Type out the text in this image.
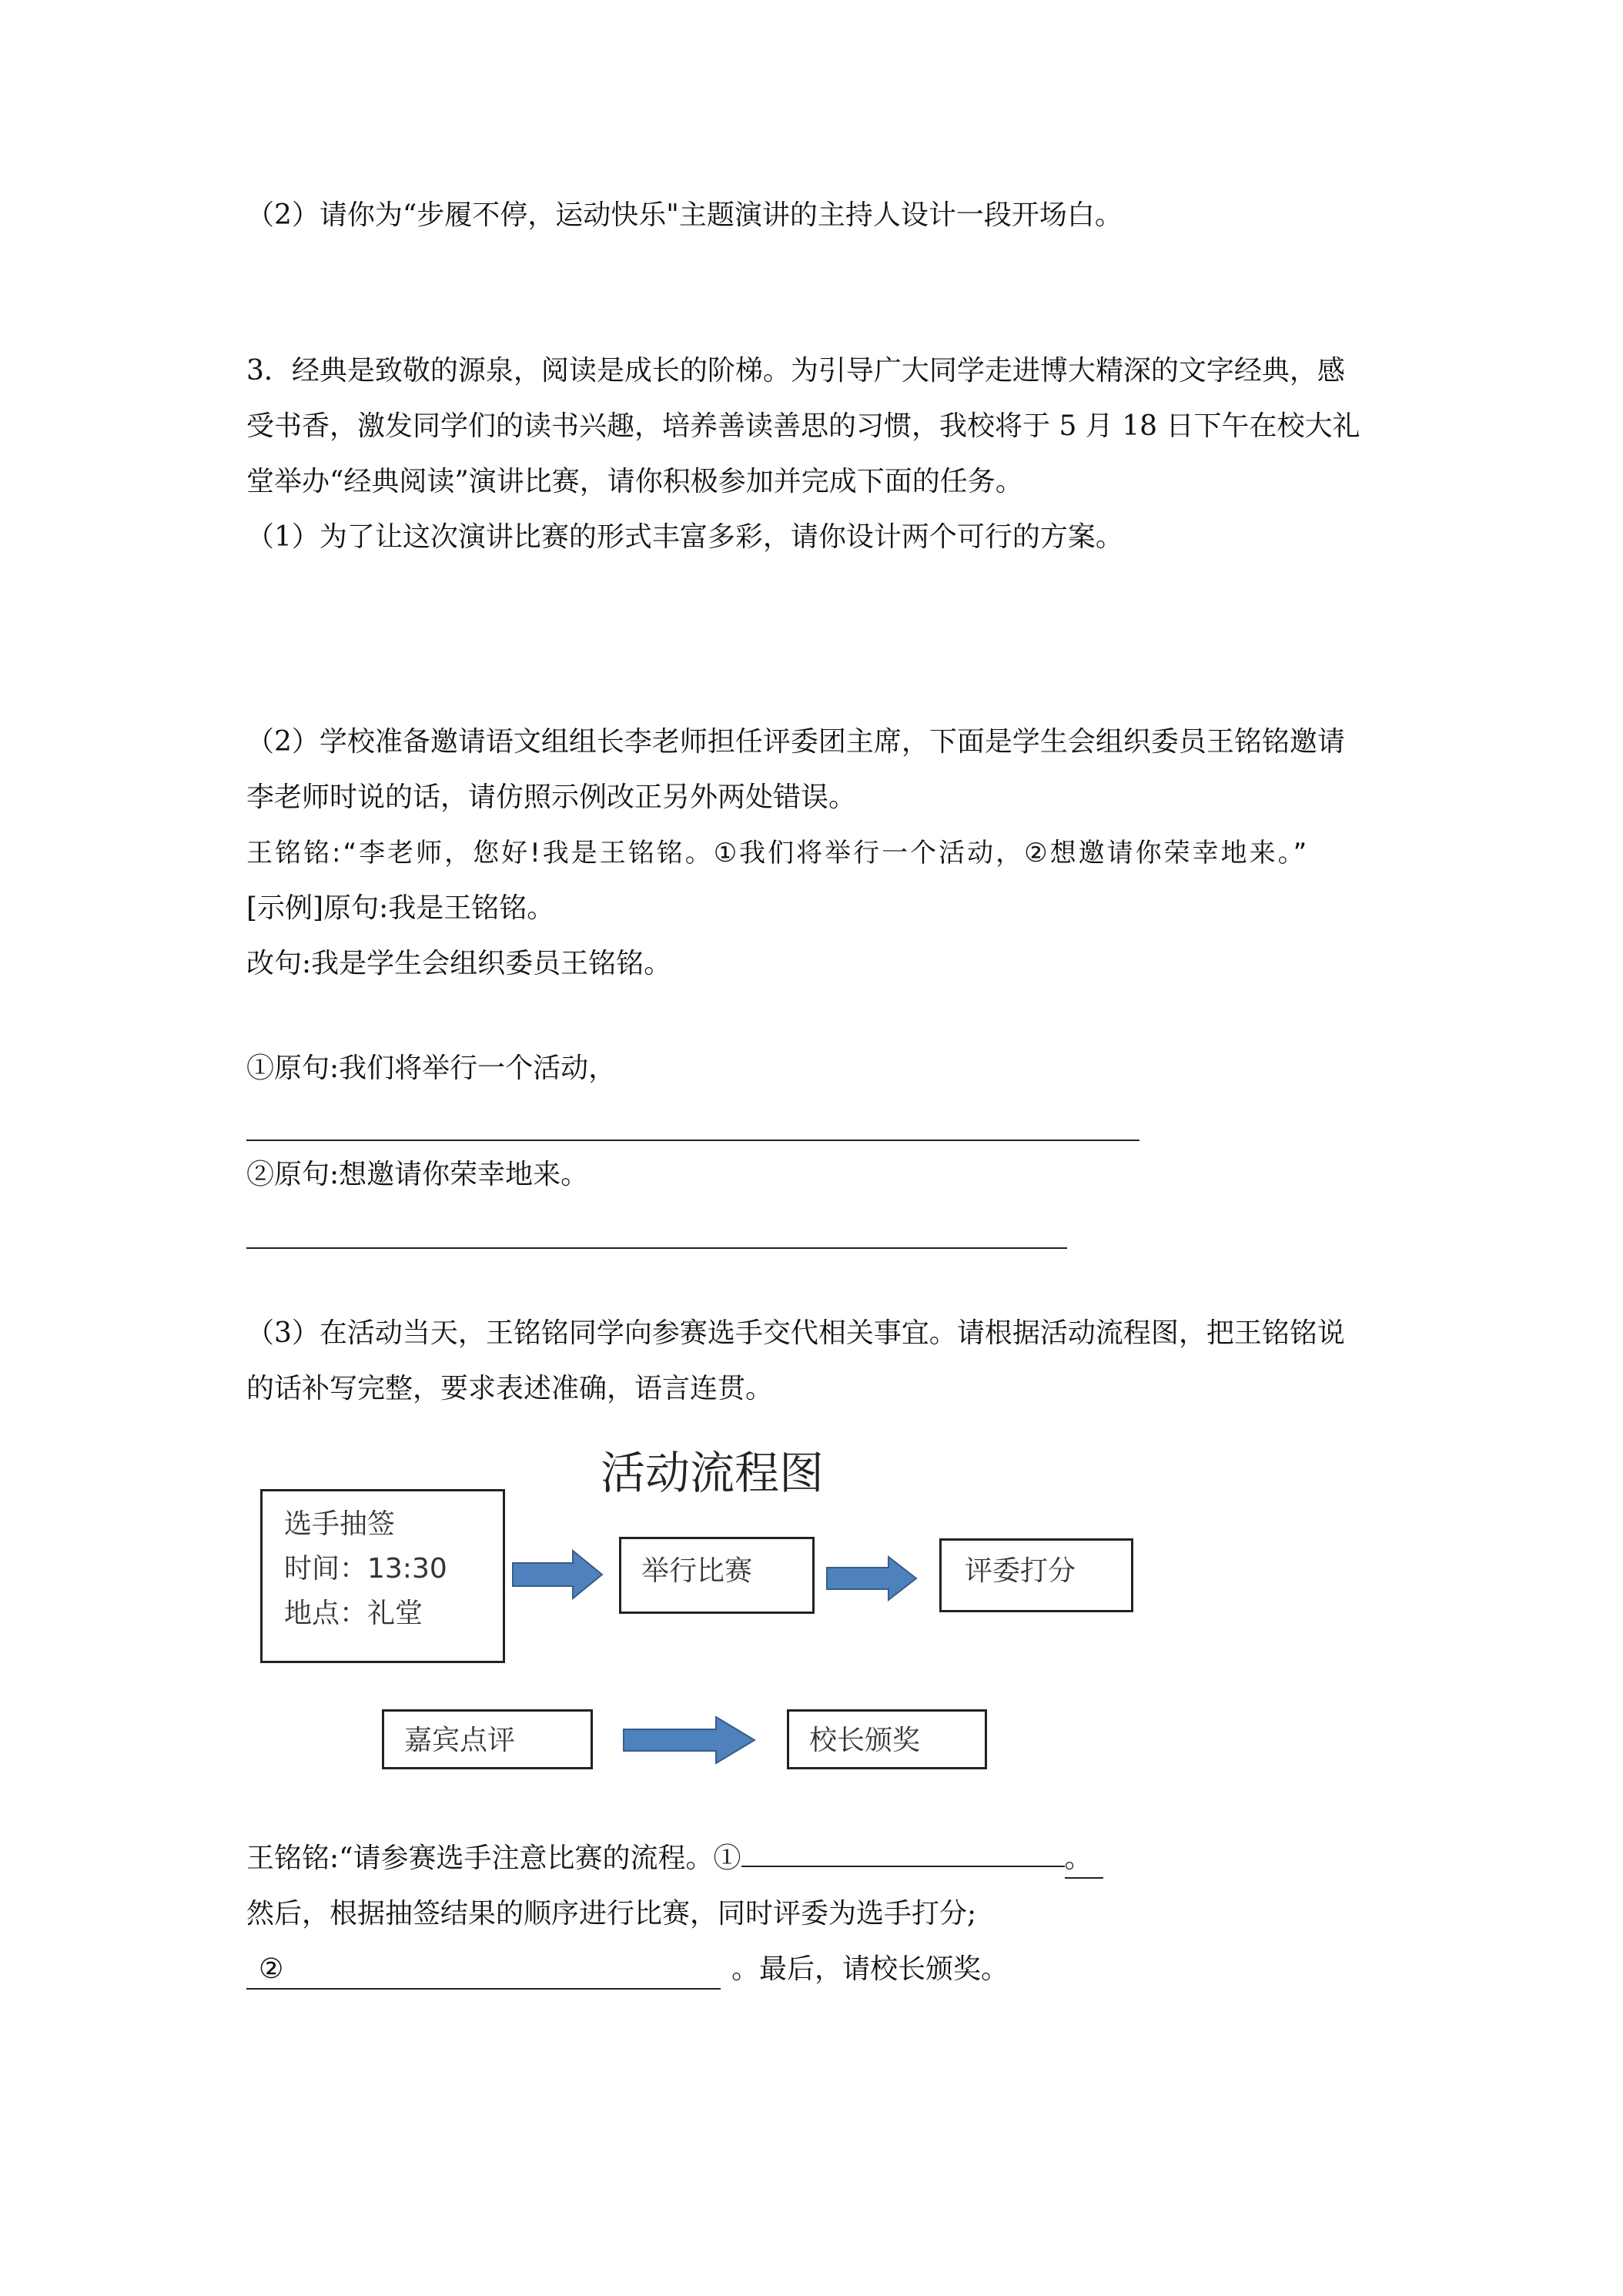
（2）请你为“步履不停，运动快乐"主题演讲的主持人设计一段开场白。
3．经典是致敬的源泉，阅读是成长的阶梯。为引导广大同学走进博大精深的文字经典，感
受书香，激发同学们的读书兴趣，培养善读善思的习惯，我校将于 5 月 18 日下午在校大礼
堂举办“经典阅读”演讲比赛，请你积极参加并完成下面的任务。
（1）为了让这次演讲比赛的形式丰富多彩，请你设计两个可行的方案。
（2）学校准备邀请语文组组长李老师担任评委团主席，下面是学生会组织委员王铭铭邀请
李老师时说的话，请仿照示例改正另外两处错误。
王铭铭:“李老师，您好!我是王铭铭。①我们将举行一个活动，②想邀请你荣幸地来。”
[示例]原句:我是王铭铭。
改句:我是学生会组织委员王铭铭。
①原句:我们将举行一个活动，
②原句:想邀请你荣幸地来。
（3）在活动当天，王铭铭同学向参赛选手交代相关事宜。请根据活动流程图，把王铭铭说
的话补写完整，要求表述准确，语言连贯。
活动流程图
选手抽签
时间：13:30
地点：礼堂
举行比赛	评委打分
嘉宾点评	校长颁奖
王铭铭:“请参赛选手注意比赛的流程。①	。
然后，根据抽签结果的顺序进行比赛，同时评委为选手打分;
②	。最后，请校长颁奖。
